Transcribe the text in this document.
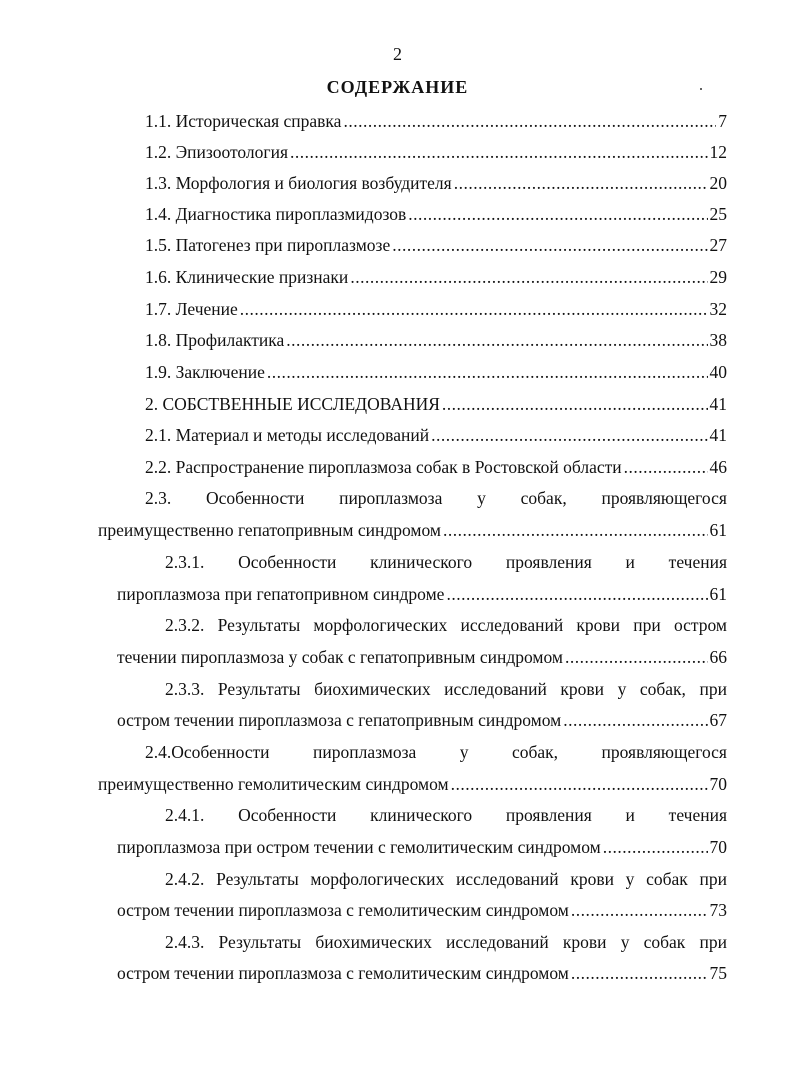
2
СОДЕРЖАНИЕ
1.1. Историческая справка .....	7
1.2. Эпизоотология .....	12
1.3. Морфология и биология возбудителя .....	20
1.4. Диагностика пироплазмидозов .....	25
1.5. Патогенез при пироплазмозе .....	27
1.6. Клинические признаки .....	29
1.7. Лечение .....	32
1.8. Профилактика .....	38
1.9. Заключение .....	40
2. СОБСТВЕННЫЕ ИССЛЕДОВАНИЯ .....	41
2.1. Материал и методы исследований .....	41
2.2. Распространение пироплазмоза собак в Ростовской области .....	46
2.3. Особенности пироплазмоза у собак, проявляющегося
преимущественно гепатопривным синдромом .....	61
2.3.1. Особенности клинического проявления и течения
пироплазмоза при гепатопривном синдроме .....	61
2.3.2. Результаты морфологических исследований крови при остром
течении пироплазмоза у собак с гепатопривным синдромом .....	66
2.3.3. Результаты биохимических исследований крови у собак, при
остром течении пироплазмоза с гепатопривным синдромом .....	67
2.4.Особенности пироплазмоза у собак, проявляющегося
преимущественно гемолитическим синдромом .....	70
2.4.1. Особенности клинического проявления и течения
пироплазмоза при остром течении с гемолитическим синдромом .....	70
2.4.2. Результаты морфологических исследований крови у собак при
остром течении пироплазмоза с гемолитическим синдромом .....	73
2.4.3. Результаты биохимических исследований крови у собак при
остром течении пироплазмоза с гемолитическим синдромом .....	75
